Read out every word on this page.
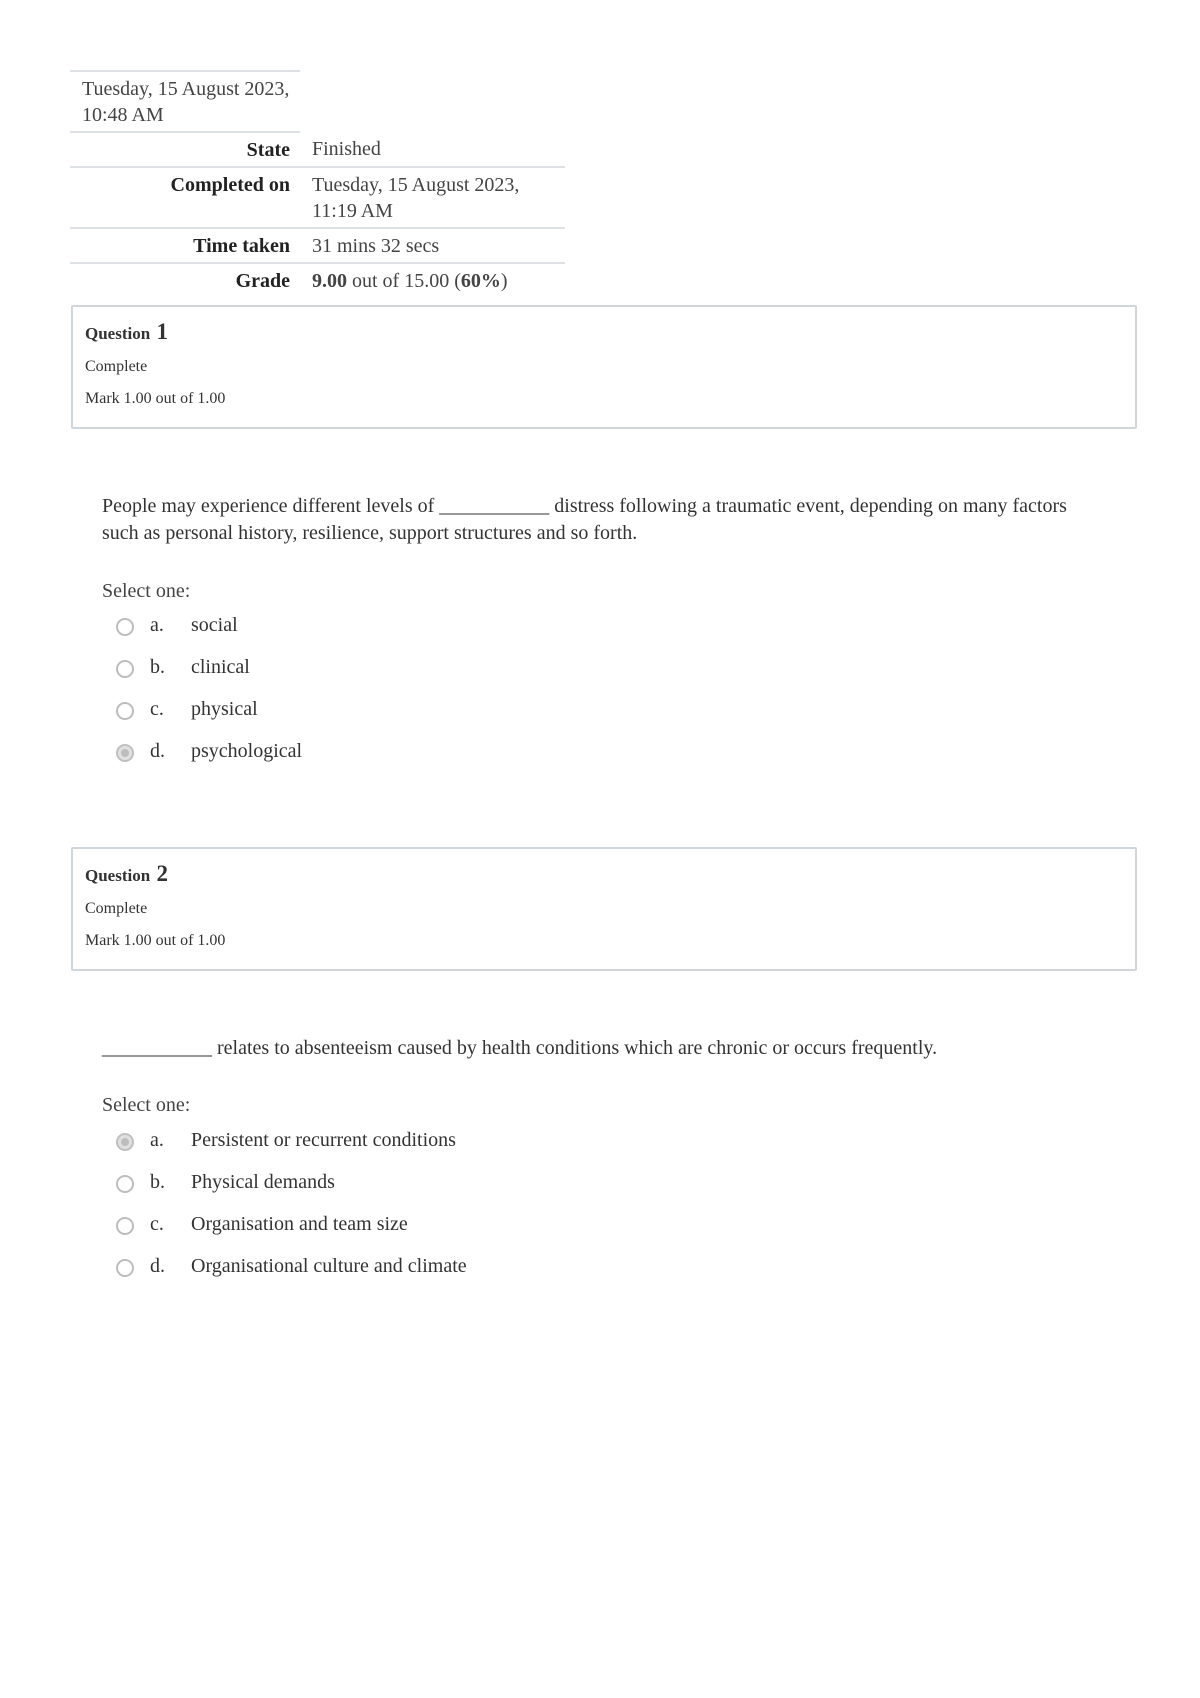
Tuesday, 15 August 2023, 10:48 AM	
State	Finished
Completed on	Tuesday, 15 August 2023, 11:19 AM
Time taken	31 mins 32 secs
Grade	9.00 out of 15.00 (60%)
Question 1
Complete
Mark 1.00 out of 1.00
People may experience different levels of ___________ distress following a traumatic event, depending on many factors such as personal history, resilience, support structures and so forth.
Select one:
a. social
b. clinical
c. physical
d. psychological
Question 2
Complete
Mark 1.00 out of 1.00
___________ relates to absenteeism caused by health conditions which are chronic or occurs frequently.
Select one:
a. Persistent or recurrent conditions
b. Physical demands
c. Organisation and team size
d. Organisational culture and climate
